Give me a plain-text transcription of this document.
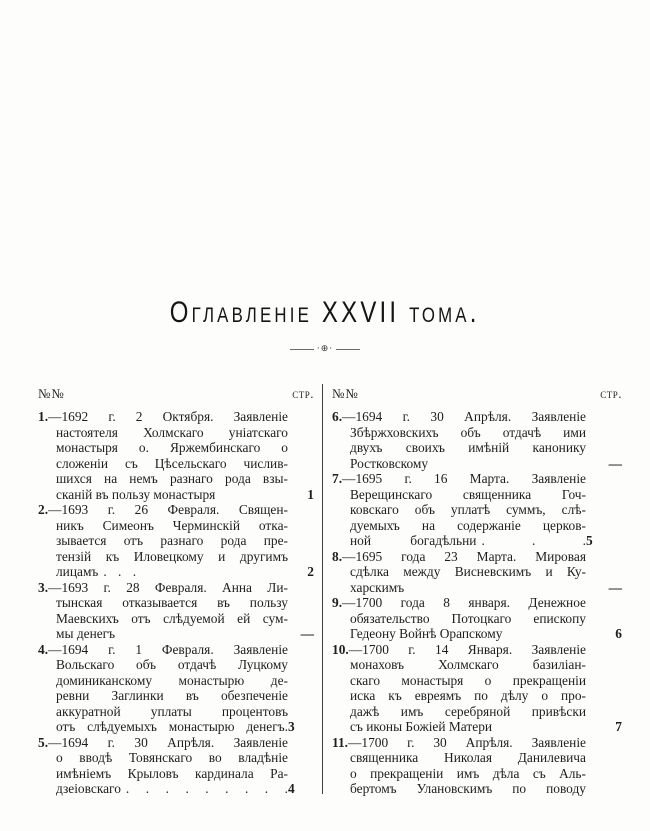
Оглавленіе XXVII тома.
·⊕·
№№	стр.
1.—1692 г. 2 Октября. Заявленіе
настоятеля Холмскаго уніатскаго
монастыря о. Яржембинскаго о
сложеніи съ Цѣсельскаго числив-
шихся на немъ разнаго рода взы-
сканій въ пользу монастыря	1
2.—1693 г. 26 Февраля. Священ-
никъ Симеонъ Черминскій отка-
зывается отъ разнаго рода пре-
тензій къ Иловецкому и другимъ
лицамъ . . .	2
3.—1693 г. 28 Февраля. Анна Ли-
тынская отказывается въ пользу
Маевскихъ отъ слѣдуемой ей сум-
мы денегъ	—
4.—1694 г. 1 Февраля. Заявленіе
Вольскаго объ отдачѣ Луцкому
доминиканскому монастырю де-
ревни Заглинки въ обезпеченіе
аккуратной уплаты процентовъ
отъ слѣдуемыхъ монастырю денегъ. 3
5.—1694 г. 30 Апрѣля. Заявленіе
о вводѣ Товянскаго во владѣніе
имѣніемъ Крыловъ кардинала Ра-
дзеіовскаго . . . . . . . . . 4
№№	стр.
6.—1694 г. 30 Апрѣля. Заявленіе
Збѣржховскихъ объ отдачѣ ими
двухъ своихъ имѣній канонику
Ростковскому	—
7.—1695 г. 16 Марта. Заявленіе
Верещинскаго священника Гоч-
ковскаго объ уплатѣ суммъ, слѣ-
дуемыхъ на содержаніе церков-
ной богадѣльни . . . 5
8.—1695 года 23 Марта. Мировая
сдѣлка между Висневскимъ и Ку-
харскимъ	—
9.—1700 года 8 января. Денежное
обязательство Потоцкаго епископу
Гедеону Войнѣ Орапскому	6
10.—1700 г. 14 Января. Заявленіе
монаховъ Холмскаго базиліан-
скаго монастыря о прекращеніи
иска къ евреямъ по дѣлу о про-
дажѣ имъ серебряной привѣски
съ иконы Божіей Матери	7
11.—1700 г. 30 Апрѣля. Заявленіе
священника Николая Данилевича
о прекращеніи имъ дѣла съ Аль-
бертомъ Улановскимъ по поводу
